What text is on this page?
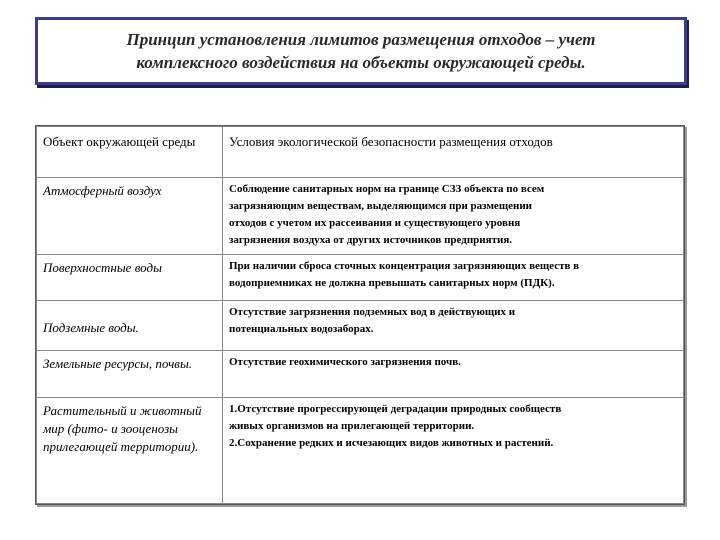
Принцип установления лимитов размещения отходов – учет
комплексного воздействия на объекты окружающей среды.
Объект окружающей среды	Условия экологической безопасности размещения отходов
Атмосферный воздух	Соблюдение санитарных норм на границе СЗЗ объекта по всем
загрязняющим веществам, выделяющимся при размещении
отходов с учетом их рассеивания и существующего уровня
загрязнения воздуха от других источников предприятия.

Поверхностные воды	При наличии сброса сточных концентрация загрязняющих веществ в
водоприемниках не должна превышать санитарных норм (ПДК).

Подземные воды.	Отсутствие загрязнения подземных вод в действующих и
потенциальных водозаборах.

Земельные ресурсы, почвы.	Отсутствие геохимического загрязнения почв.

Растительный и животный мир (фито- и зооценозы прилегающей территории).	1.Отсутствие прогрессирующей деградации природных сообществ
живых организмов на прилегающей территории.
2.Сохранение редких и исчезающих видов животных и растений.
